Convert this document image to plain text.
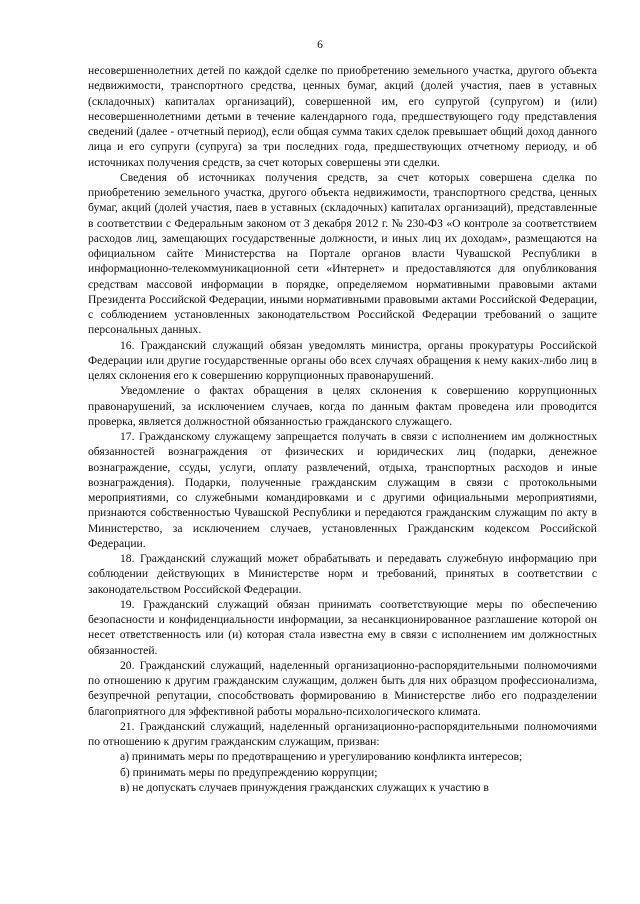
6

несовершеннолетних детей по каждой сделке по приобретению земельного участка, другого объекта недвижимости, транспортного средства, ценных бумаг, акций (долей участия, паев в уставных (складочных) капиталах организаций), совершенной им, его супругой (супругом) и (или) несовершеннолетними детьми в течение календарного года, предшествующего году представления сведений (далее - отчетный период), если общая сумма таких сделок превышает общий доход данного лица и его супруги (супруга) за три последних года, предшествующих отчетному периоду, и об источниках получения средств, за счет которых совершены эти сделки.

Сведения об источниках получения средств, за счет которых совершена сделка по приобретению земельного участка, другого объекта недвижимости, транспортного средства, ценных бумаг, акций (долей участия, паев в уставных (складочных) капиталах организаций), представленные в соответствии с Федеральным законом от 3 декабря 2012 г. № 230-ФЗ «О контроле за соответствием расходов лиц, замещающих государственные должности, и иных лиц их доходам», размещаются на официальном сайте Министерства на Портале органов власти Чувашской Республики в информационно-телекоммуникационной сети «Интернет» и предоставляются для опубликования средствам массовой информации в порядке, определяемом нормативными правовыми актами Президента Российской Федерации, иными нормативными правовыми актами Российской Федерации, с соблюдением установленных законодательством Российской Федерации требований о защите персональных данных.

16. Гражданский служащий обязан уведомлять министра, органы прокуратуры Российской Федерации или другие государственные органы обо всех случаях обращения к нему каких-либо лиц в целях склонения его к совершению коррупционных правонарушений.

Уведомление о фактах обращения в целях склонения к совершению коррупционных правонарушений, за исключением случаев, когда по данным фактам проведена или проводится проверка, является должностной обязанностью гражданского служащего.

17. Гражданскому служащему запрещается получать в связи с исполнением им должностных обязанностей вознаграждения от физических и юридических лиц (подарки, денежное вознаграждение, ссуды, услуги, оплату развлечений, отдыха, транспортных расходов и иные вознаграждения). Подарки, полученные гражданским служащим в связи с протокольными мероприятиями, со служебными командировками и с другими официальными мероприятиями, признаются собственностью Чувашской Республики и передаются гражданским служащим по акту в Министерство, за исключением случаев, установленных Гражданским кодексом Российской Федерации.

18. Гражданский служащий может обрабатывать и передавать служебную информацию при соблюдении действующих в Министерстве норм и требований, принятых в соответствии с законодательством Российской Федерации.

19. Гражданский служащий обязан принимать соответствующие меры по обеспечению безопасности и конфиденциальности информации, за несанкционированное разглашение которой он несет ответственность или (и) которая стала известна ему в связи с исполнением им должностных обязанностей.

20. Гражданский служащий, наделенный организационно-распорядительными полномочиями по отношению к другим гражданским служащим, должен быть для них образцом профессионализма, безупречной репутации, способствовать формированию в Министерстве либо его подразделении благоприятного для эффективной работы морально-психологического климата.

21. Гражданский служащий, наделенный организационно-распорядительными полномочиями по отношению к другим гражданским служащим, призван:

а) принимать меры по предотвращению и урегулированию конфликта интересов;

б) принимать меры по предупреждению коррупции;

в) не допускать случаев принуждения гражданских служащих к участию в
